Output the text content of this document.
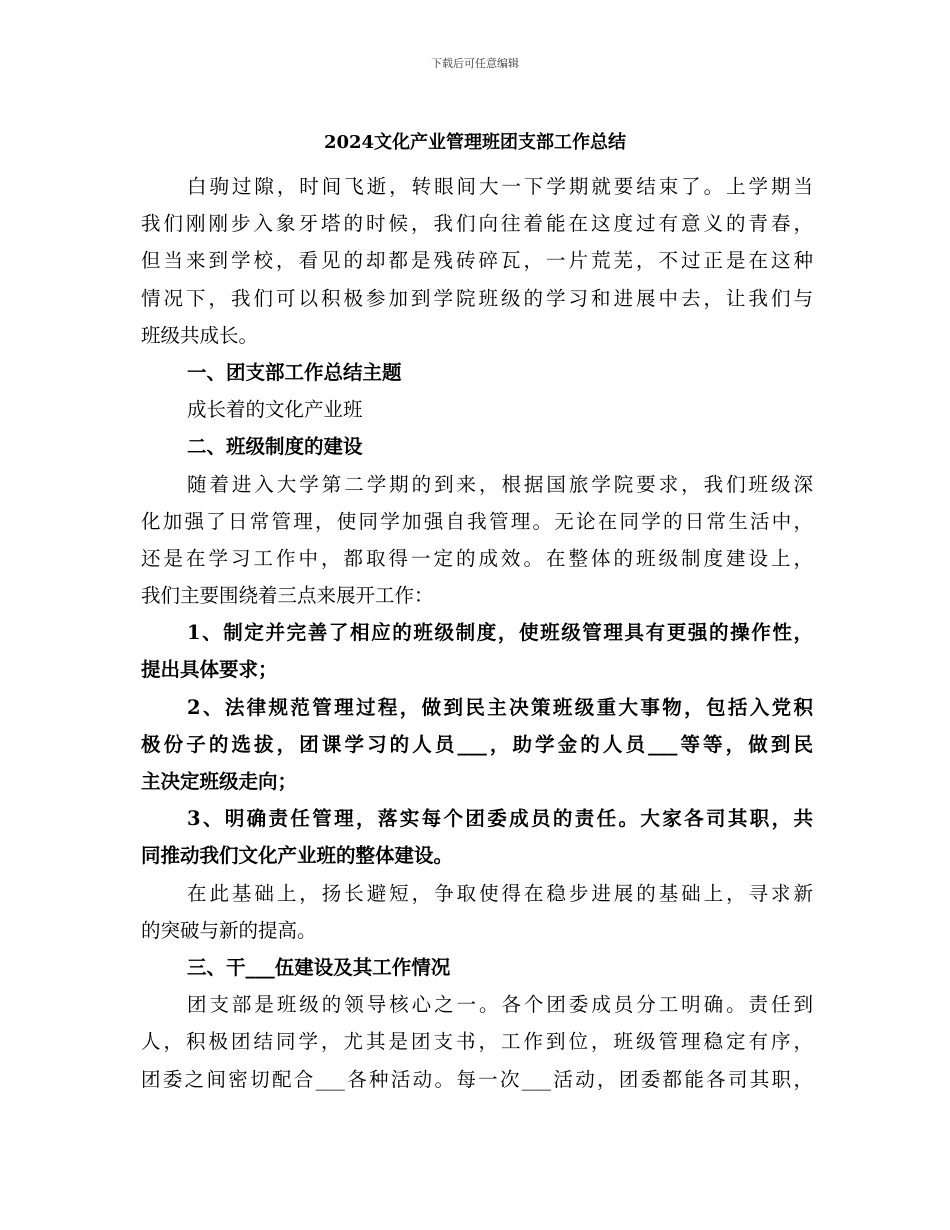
下载后可任意编辑
2024文化产业管理班团支部工作总结
白驹过隙，时间飞逝，转眼间大一下学期就要结束了。上学期当
我们刚刚步入象牙塔的时候，我们向往着能在这度过有意义的青春，
但当来到学校，看见的却都是残砖碎瓦，一片荒芜，不过正是在这种
情况下，我们可以积极参加到学院班级的学习和进展中去，让我们与
班级共成长。
一、团支部工作总结主题
成长着的文化产业班
二、班级制度的建设
随着进入大学第二学期的到来，根据国旅学院要求，我们班级深
化加强了日常管理，使同学加强自我管理。无论在同学的日常生活中，
还是在学习工作中，都取得一定的成效。在整体的班级制度建设上，
我们主要围绕着三点来展开工作：
1、制定并完善了相应的班级制度，使班级管理具有更强的操作性，
提出具体要求；
2、法律规范管理过程，做到民主决策班级重大事物，包括入党积
极份子的选拔，团课学习的人员___，助学金的人员___等等，做到民
主决定班级走向；
3、明确责任管理，落实每个团委成员的责任。大家各司其职，共
同推动我们文化产业班的整体建设。
在此基础上，扬长避短，争取使得在稳步进展的基础上，寻求新
的突破与新的提高。
三、干___伍建设及其工作情况
团支部是班级的领导核心之一。各个团委成员分工明确。责任到
人，积极团结同学，尤其是团支书，工作到位，班级管理稳定有序，
团委之间密切配合___各种活动。每一次___活动，团委都能各司其职，
